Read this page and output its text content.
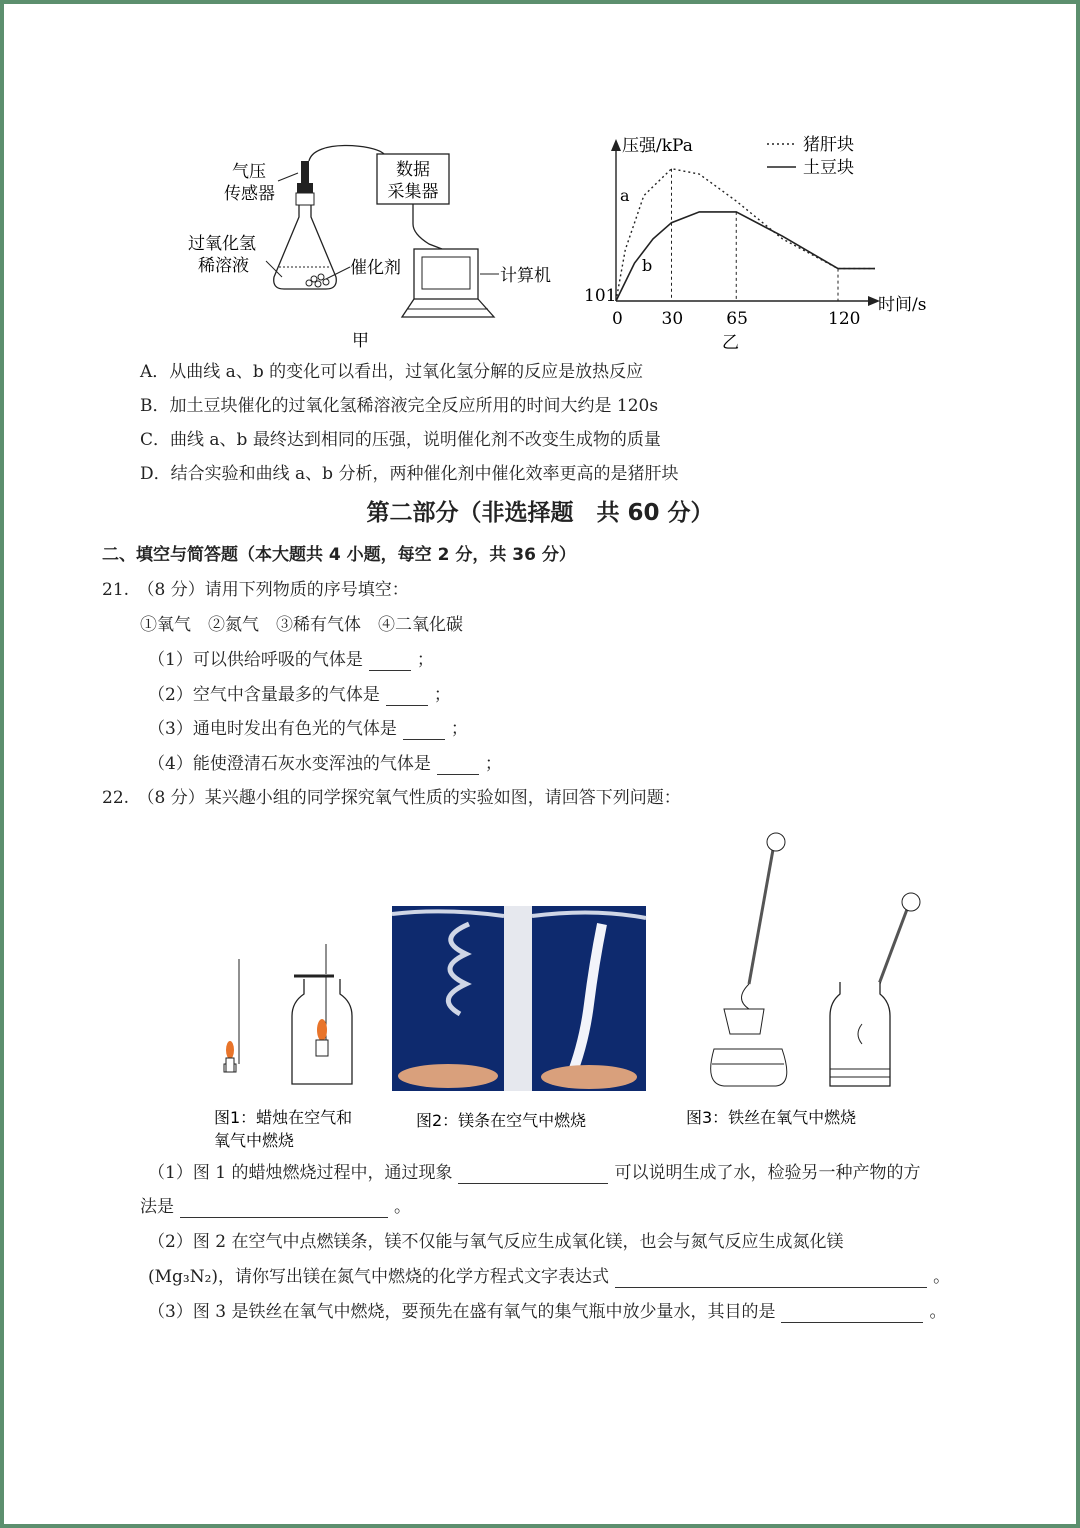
数据
采集器
计算机
气压
传感器
过氧化氢
稀溶液	催化剂
甲
压强/kPa
时间/s
101
0 30	65	120
a
b
猪肝块
土豆块
乙
A．从曲线 a、b 的变化可以看出，过氧化氢分解的反应是放热反应
B．加土豆块催化的过氧化氢稀溶液完全反应所用的时间大约是 120s
C．曲线 a、b 最终达到相同的压强，说明催化剂不改变生成物的质量
D．结合实验和曲线 a、b 分析，两种催化剂中催化效率更高的是猪肝块
第二部分（非选择题　共 60 分）
二、填空与简答题（本大题共 4 小题，每空 2 分，共 36 分）
21.　（8 分）请用下列物质的序号填空：
①氧气　②氮气　③稀有气体　④二氧化碳
（1）可以供给呼吸的气体是	；
（2）空气中含量最多的气体是	；
（3）通电时发出有色光的气体是	；
（4）能使澄清石灰水变浑浊的气体是	；
22.　（8 分）某兴趣小组的同学探究氧气性质的实验如图，请回答下列问题：
图1：蜡烛在空气和
氧气中燃烧
图2：镁条在空气中燃烧	图3：铁丝在氧气中燃烧
（1）图 1 的蜡烛燃烧过程中，通过现象	可以说明生成了水，检验另一种产物的方
法是	。
（2）图 2 在空气中点燃镁条，镁不仅能与氧气反应生成氧化镁，也会与氮气反应生成氮化镁
(Mg₃N₂)，请你写出镁在氮气中燃烧的化学方程式文字表达式	。
（3）图 3 是铁丝在氧气中燃烧，要预先在盛有氧气的集气瓶中放少量水，其目的是	。
